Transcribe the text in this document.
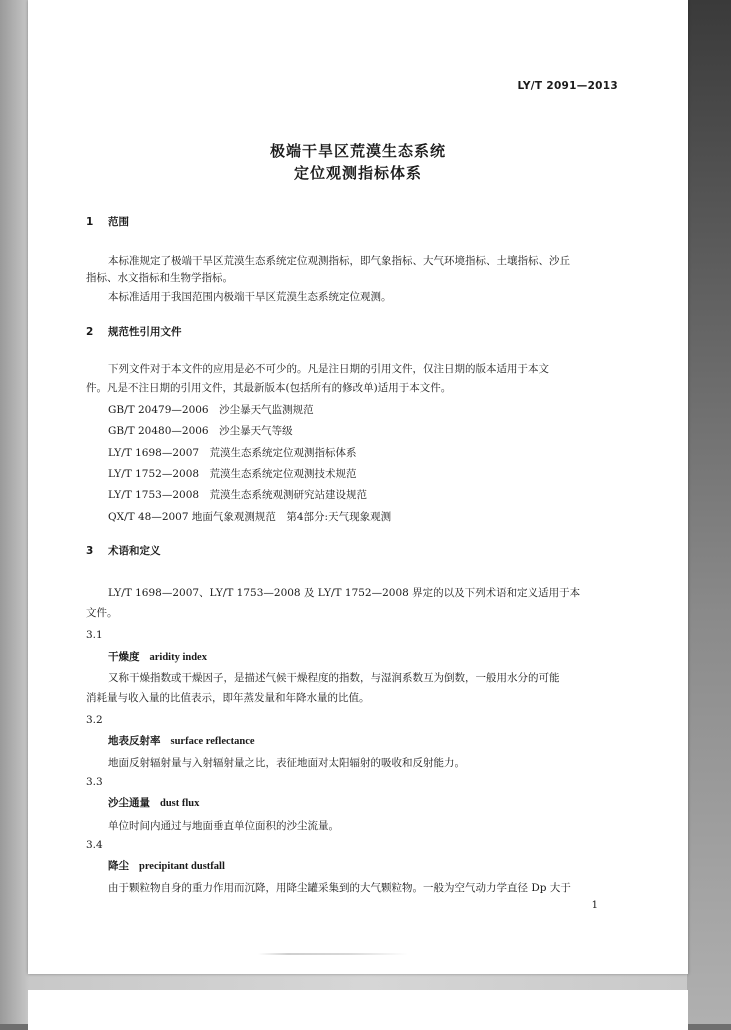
LY/T 2091—2013
极端干旱区荒漠生态系统
定位观测指标体系
1 范围
本标准规定了极端干旱区荒漠生态系统定位观测指标，即气象指标、大气环境指标、土壤指标、沙丘
指标、水文指标和生物学指标。
本标准适用于我国范围内极端干旱区荒漠生态系统定位观测。
2 规范性引用文件
下列文件对于本文件的应用是必不可少的。凡是注日期的引用文件，仅注日期的版本适用于本文
件。凡是不注日期的引用文件，其最新版本(包括所有的修改单)适用于本文件。
GB/T 20479—2006　沙尘暴天气监测规范
GB/T 20480—2006　沙尘暴天气等级
LY/T 1698—2007　荒漠生态系统定位观测指标体系
LY/T 1752—2008　荒漠生态系统定位观测技术规范
LY/T 1753—2008　荒漠生态系统观测研究站建设规范
QX/T 48—2007 地面气象观测规范　第4部分:天气现象观测
3 术语和定义
LY/T 1698—2007、LY/T 1753—2008 及 LY/T 1752—2008 界定的以及下列术语和定义适用于本
文件。
3.1
干燥度 aridity index
又称干燥指数或干燥因子，是描述气候干燥程度的指数，与湿润系数互为倒数，一般用水分的可能
消耗量与收入量的比值表示，即年蒸发量和年降水量的比值。
3.2
地表反射率 surface reflectance
地面反射辐射量与入射辐射量之比，表征地面对太阳辐射的吸收和反射能力。
3.3
沙尘通量 dust flux
单位时间内通过与地面垂直单位面积的沙尘流量。
3.4
降尘 precipitant dustfall
由于颗粒物自身的重力作用而沉降，用降尘罐采集到的大气颗粒物。一般为空气动力学直径 Dp 大于
1
